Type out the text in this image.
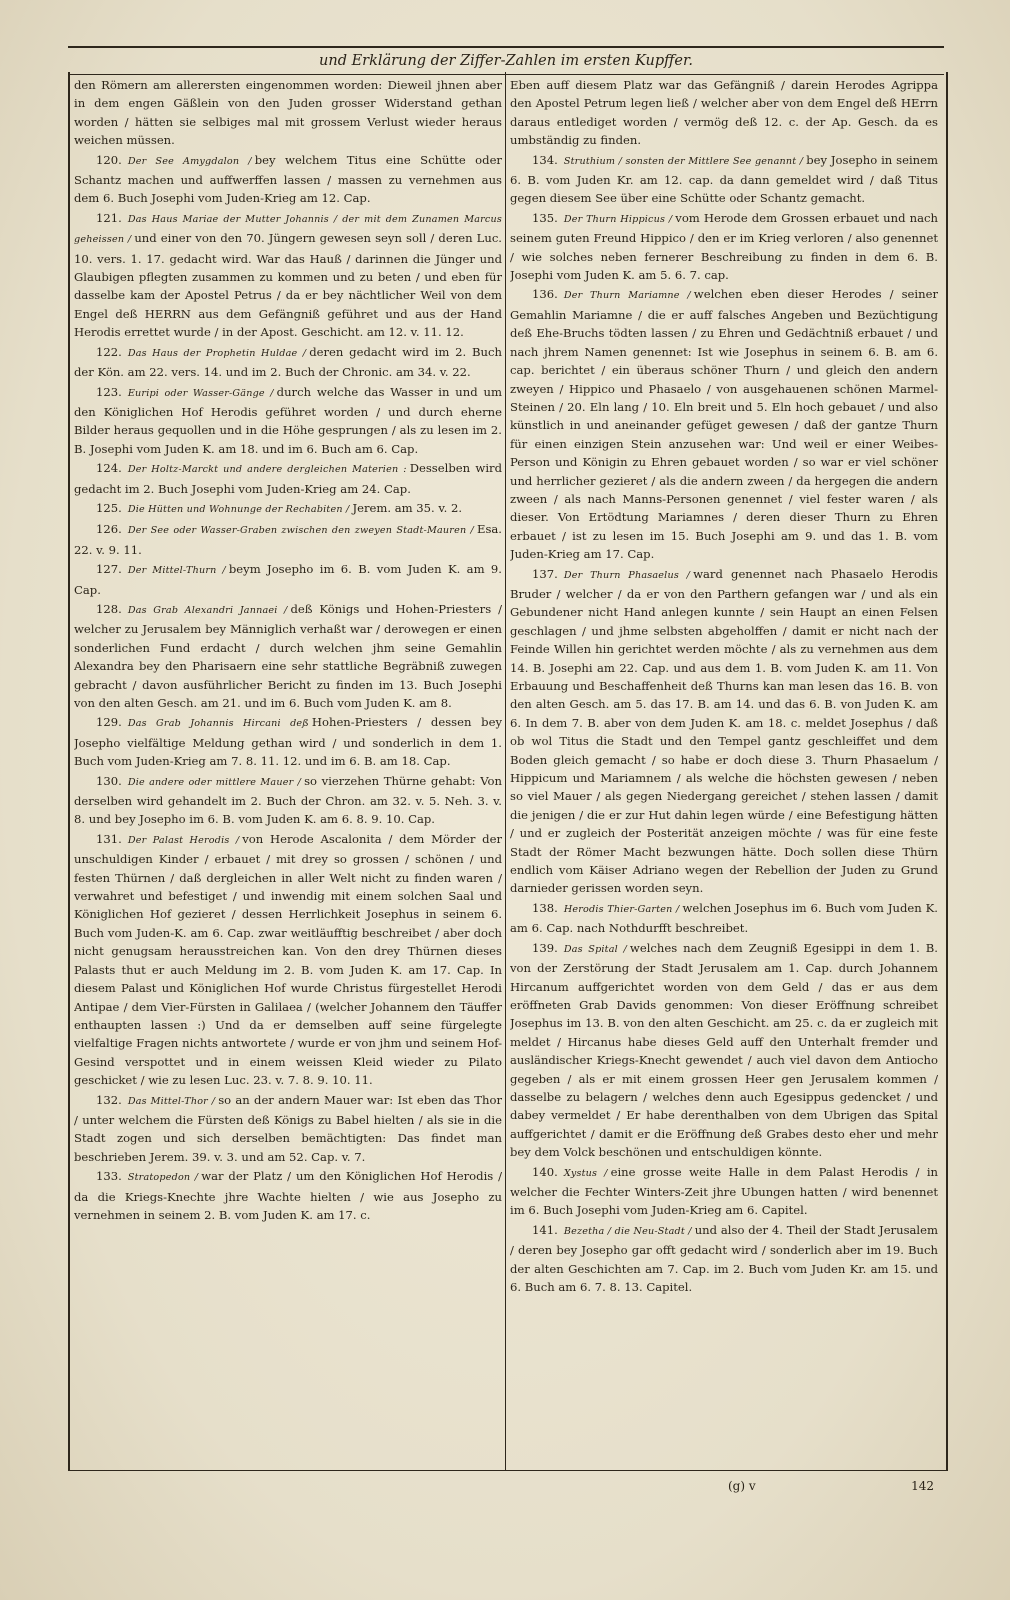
und Erklärung der Ziffer-Zahlen im ersten Kupffer.

den Römern am allerersten eingenommen worden: Dieweil jhnen aber in dem engen Gäßlein von den Juden grosser Widerstand gethan worden / hätten sie selbiges mal mit grossem Verlust wieder heraus weichen müssen.

120. Der See Amygdalon / bey welchem Titus eine Schütte oder Schantz machen und auffwerffen lassen / massen zu vernehmen aus dem 6. Buch Josephi vom Juden-Krieg am 12. Cap.

121. Das Haus Mariae der Mutter Johannis / der mit dem Zunamen Marcus geheissen / und einer von den 70. Jüngern gewesen seyn soll / deren Luc. 10. vers. 1. 17. gedacht wird. War das Hauß / darinnen die Jünger und Glaubigen pflegten zusammen zu kommen und zu beten / und eben für dasselbe kam der Apostel Petrus / da er bey nächtlicher Weil von dem Engel deß HERRN aus dem Gefängniß geführet und aus der Hand Herodis errettet wurde / in der Apost. Geschicht. am 12. v. 11. 12.

122. Das Haus der Prophetin Huldae / deren gedacht wird im 2. Buch der Kön. am 22. vers. 14. und im 2. Buch der Chronic. am 34. v. 22.

123. Euripi oder Wasser-Gänge / durch welche das Wasser in und um den Königlichen Hof Herodis geführet worden / und durch eherne Bilder heraus gequollen und in die Höhe gesprungen / als zu lesen im 2. B. Josephi vom Juden K. am 18. und im 6. Buch am 6. Cap.

124. Der Holtz-Marckt und andere dergleichen Materien : Desselben wird gedacht im 2. Buch Josephi vom Juden-Krieg am 24. Cap.

125. Die Hütten und Wohnunge der Rechabiten / Jerem. am 35. v. 2.

126. Der See oder Wasser-Graben zwischen den zweyen Stadt-Mauren / Esa. 22. v. 9. 11.

127. Der Mittel-Thurn / beym Josepho im 6. B. vom Juden K. am 9. Cap.

128. Das Grab Alexandri Jannaei / deß Königs und Hohen-Priesters / welcher zu Jerusalem bey Männiglich verhaßt war / derowegen er einen sonderlichen Fund erdacht / durch welchen jhm seine Gemahlin Alexandra bey den Pharisaern eine sehr stattliche Begräbniß zuwegen gebracht / davon ausführlicher Bericht zu finden im 13. Buch Josephi von den alten Gesch. am 21. und im 6. Buch vom Juden K. am 8.

129. Das Grab Johannis Hircani deß Hohen-Priesters / dessen bey Josepho vielfältige Meldung gethan wird / und sonderlich in dem 1. Buch vom Juden-Krieg am 7. 8. 11. 12. und im 6. B. am 18. Cap.

130. Die andere oder mittlere Mauer / so vierzehen Thürne gehabt: Von derselben wird gehandelt im 2. Buch der Chron. am 32. v. 5. Neh. 3. v. 8. und bey Josepho im 6. B. vom Juden K. am 6. 8. 9. 10. Cap.

131. Der Palast Herodis / von Herode Ascalonita / dem Mörder der unschuldigen Kinder / erbauet / mit drey so grossen / schönen / und festen Thürnen / daß dergleichen in aller Welt nicht zu finden waren / verwahret und befestiget / und inwendig mit einem solchen Saal und Königlichen Hof gezieret / dessen Herrlichkeit Josephus in seinem 6. Buch vom Juden-K. am 6. Cap. zwar weitläufftig beschreibet / aber doch nicht genugsam herausstreichen kan. Von den drey Thürnen dieses Palasts thut er auch Meldung im 2. B. vom Juden K. am 17. Cap. In diesem Palast und Königlichen Hof wurde Christus fürgestellet Herodi Antipae / dem Vier-Fürsten in Galilaea / (welcher Johannem den Täuffer enthaupten lassen :) Und da er demselben auff seine fürgelegte vielfaltige Fragen nichts antwortete / wurde er von jhm und seinem Hof-Gesind verspottet und in einem weissen Kleid wieder zu Pilato geschicket / wie zu lesen Luc. 23. v. 7. 8. 9. 10. 11.

132. Das Mittel-Thor / so an der andern Mauer war: Ist eben das Thor / unter welchem die Fürsten deß Königs zu Babel hielten / als sie in die Stadt zogen und sich derselben bemächtigten: Das findet man beschrieben Jerem. 39. v. 3. und am 52. Cap. v. 7.

133. Stratopedon / war der Platz / um den Königlichen Hof Herodis / da die Kriegs-Knechte jhre Wachte hielten / wie aus Josepho zu vernehmen in seinem 2. B. vom Juden K. am 17. c.

Eben auff diesem Platz war das Gefängniß / darein Herodes Agrippa den Apostel Petrum legen ließ / welcher aber von dem Engel deß HErrn daraus entlediget worden / vermög deß 12. c. der Ap. Gesch. da es umbständig zu finden.

134. Struthium / sonsten der Mittlere See genannt / bey Josepho in seinem 6. B. vom Juden Kr. am 12. cap. da dann gemeldet wird / daß Titus gegen diesem See über eine Schütte oder Schantz gemacht.

135. Der Thurn Hippicus / vom Herode dem Grossen erbauet und nach seinem guten Freund Hippico / den er im Krieg verloren / also genennet / wie solches neben fernerer Beschreibung zu finden in dem 6. B. Josephi vom Juden K. am 5. 6. 7. cap.

136. Der Thurn Mariamne / welchen eben dieser Herodes / seiner Gemahlin Mariamne / die er auff falsches Angeben und Bezüchtigung deß Ehe-Bruchs tödten lassen / zu Ehren und Gedächtniß erbauet / und nach jhrem Namen genennet: Ist wie Josephus in seinem 6. B. am 6. cap. berichtet / ein überaus schöner Thurn / und gleich den andern zweyen / Hippico und Phasaelo / von ausgehauenen schönen Marmel-Steinen / 20. Eln lang / 10. Eln breit und 5. Eln hoch gebauet / und also künstlich in und aneinander gefüget gewesen / daß der gantze Thurn für einen einzigen Stein anzusehen war: Und weil er einer Weibes-Person und Königin zu Ehren gebauet worden / so war er viel schöner und herrlicher gezieret / als die andern zween / da hergegen die andern zween / als nach Manns-Personen genennet / viel fester waren / als dieser. Von Ertödtung Mariamnes / deren dieser Thurn zu Ehren erbauet / ist zu lesen im 15. Buch Josephi am 9. und das 1. B. vom Juden-Krieg am 17. Cap.

137. Der Thurn Phasaelus / ward genennet nach Phasaelo Herodis Bruder / welcher / da er von den Parthern gefangen war / und als ein Gebundener nicht Hand anlegen kunnte / sein Haupt an einen Felsen geschlagen / und jhme selbsten abgeholffen / damit er nicht nach der Feinde Willen hin gerichtet werden möchte / als zu vernehmen aus dem 14. B. Josephi am 22. Cap. und aus dem 1. B. vom Juden K. am 11. Von Erbauung und Beschaffenheit deß Thurns kan man lesen das 16. B. von den alten Gesch. am 5. das 17. B. am 14. und das 6. B. von Juden K. am 6. In dem 7. B. aber von dem Juden K. am 18. c. meldet Josephus / daß ob wol Titus die Stadt und den Tempel gantz geschleiffet und dem Boden gleich gemacht / so habe er doch diese 3. Thurn Phasaelum / Hippicum und Mariamnem / als welche die höchsten gewesen / neben so viel Mauer / als gegen Niedergang gereichet / stehen lassen / damit die jenigen / die er zur Hut dahin legen würde / eine Befestigung hätten / und er zugleich der Posterität anzeigen möchte / was für eine feste Stadt der Römer Macht bezwungen hätte. Doch sollen diese Thürn endlich vom Käiser Adriano wegen der Rebellion der Juden zu Grund darnieder gerissen worden seyn.

138. Herodis Thier-Garten / welchen Josephus im 6. Buch vom Juden K. am 6. Cap. nach Nothdurfft beschreibet.

139. Das Spital / welches nach dem Zeugniß Egesippi in dem 1. B. von der Zerstörung der Stadt Jerusalem am 1. Cap. durch Johannem Hircanum auffgerichtet worden von dem Geld / das er aus dem eröffneten Grab Davids genommen: Von dieser Eröffnung schreibet Josephus im 13. B. von den alten Geschicht. am 25. c. da er zugleich mit meldet / Hircanus habe dieses Geld auff den Unterhalt fremder und ausländischer Kriegs-Knecht gewendet / auch viel davon dem Antiocho gegeben / als er mit einem grossen Heer gen Jerusalem kommen / dasselbe zu belagern / welches denn auch Egesippus gedencket / und dabey vermeldet / Er habe derenthalben von dem Ubrigen das Spital auffgerichtet / damit er die Eröffnung deß Grabes desto eher und mehr bey dem Volck beschönen und entschuldigen könnte.

140. Xystus / eine grosse weite Halle in dem Palast Herodis / in welcher die Fechter Winters-Zeit jhre Ubungen hatten / wird benennet im 6. Buch Josephi vom Juden-Krieg am 6. Capitel.

141. Bezetha / die Neu-Stadt / und also der 4. Theil der Stadt Jerusalem / deren bey Josepho gar offt gedacht wird / sonderlich aber im 19. Buch der alten Geschichten am 7. Cap. im 2. Buch vom Juden Kr. am 15. und 6. Buch am 6. 7. 8. 13. Capitel.

(g) v	142
